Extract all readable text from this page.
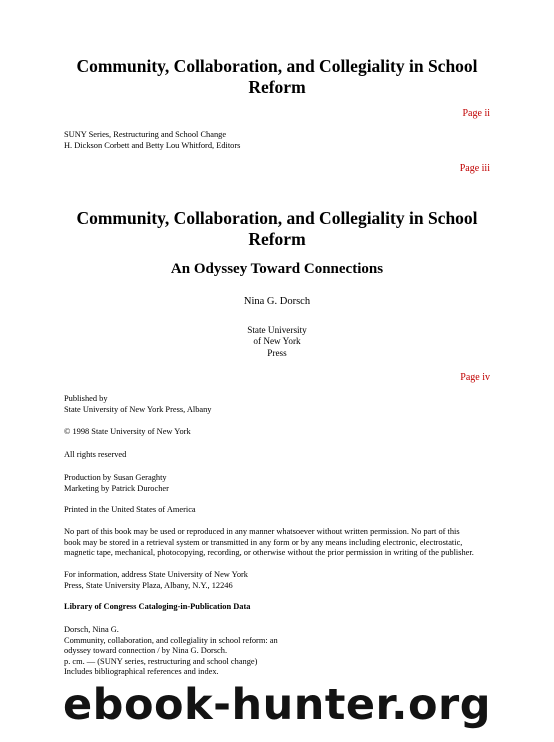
Community, Collaboration, and Collegiality in School
Reform
Page ii
SUNY Series, Restructuring and School Change
H. Dickson Corbett and Betty Lou Whitford, Editors
Page iii
Community, Collaboration, and Collegiality in School
Reform
An Odyssey Toward Connections
Nina G. Dorsch
State University
of New York
Press
Page iv
Published by
State University of New York Press, Albany
© 1998 State University of New York
All rights reserved
Production by Susan Geraghty
Marketing by Patrick Durocher
Printed in the United States of America
No part of this book may be used or reproduced in any manner whatsoever without written permission. No part of this
book may be stored in a retrieval system or transmitted in any form or by any means including electronic, electrostatic,
magnetic tape, mechanical, photocopying, recording, or otherwise without the prior permission in writing of the publisher.
For information, address State University of New York
Press, State University Plaza, Albany, N.Y., 12246
Library of Congress Cataloging-in-Publication Data
Dorsch, Nina G.
Community, collaboration, and collegiality in school reform: an
odyssey toward connection / by Nina G. Dorsch.
p. cm. — (SUNY series, restructuring and school change)
Includes bibliographical references and index.
ebook-hunter.org
